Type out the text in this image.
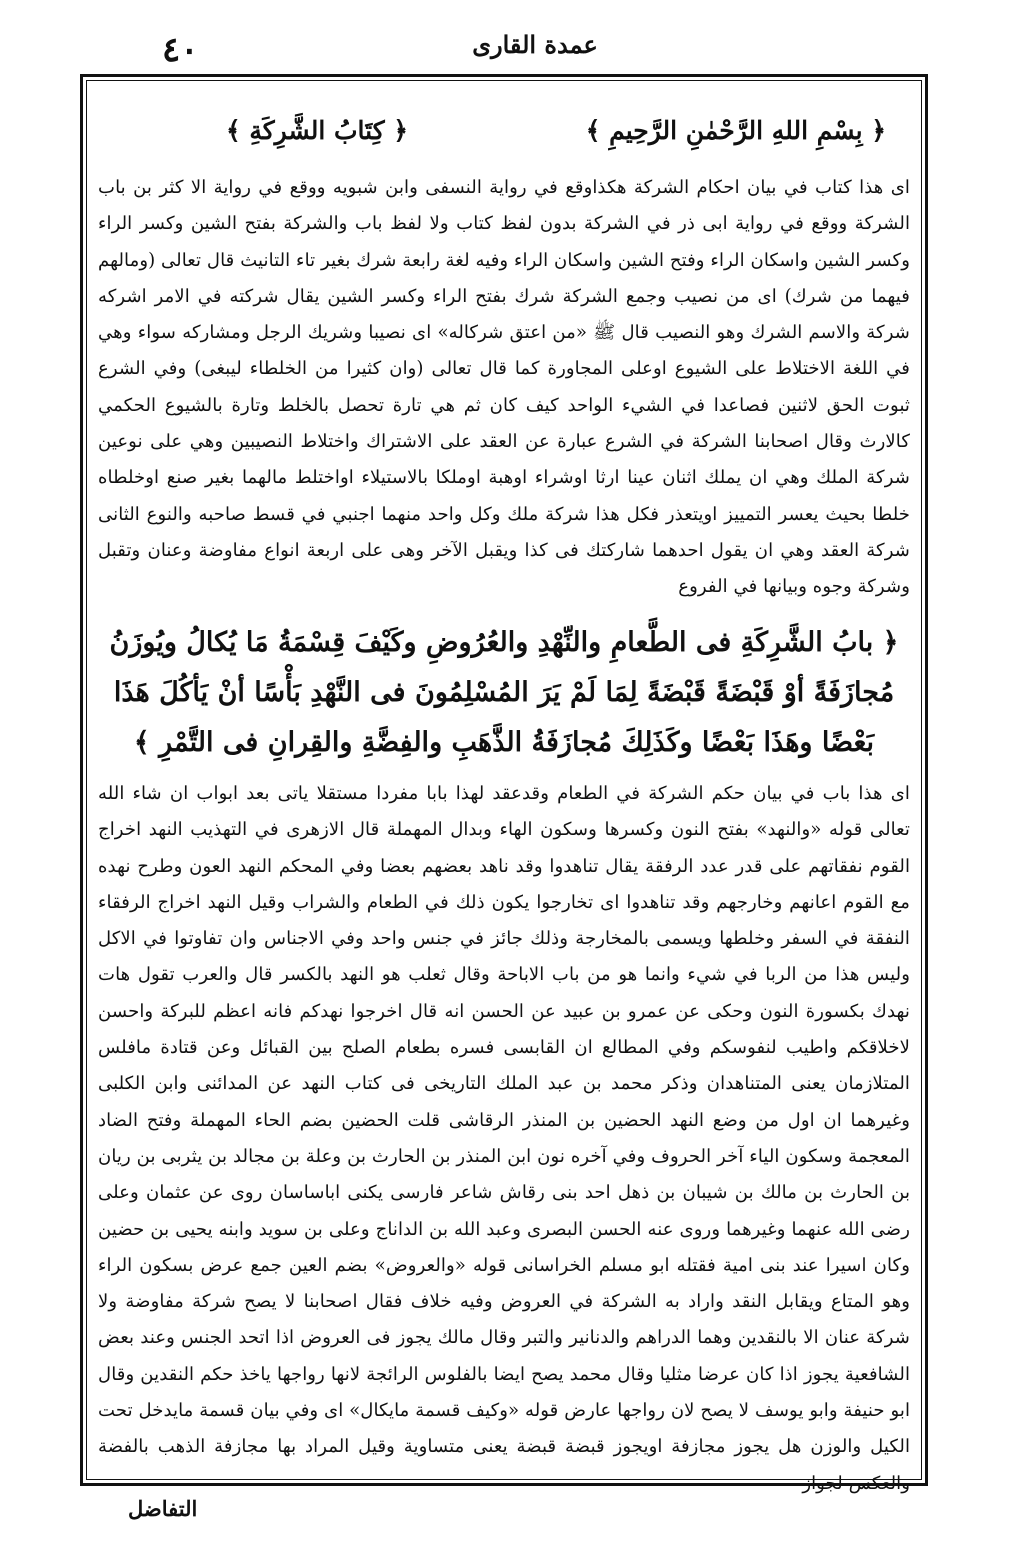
٤٠	عمدة القارى
﴿ بِسْمِ اللهِ الرَّحْمٰنِ الرَّحِيمِ ﴾
﴿ كِتَابُ الشَّرِكَةِ ﴾

اى هذا كتاب في بيان احكام الشركة هكذاوقع في رواية النسفى وابن شبويه ووقع في رواية الا كثر بن باب الشركة ووقع في رواية ابى ذر في الشركة بدون لفظ كتاب ولا لفظ باب والشركة بفتح الشين وكسر الراء وكسر الشين واسكان الراء وفتح الشين واسكان الراء وفيه لغة رابعة شرك بغير تاء التانيث قال تعالى (ومالهم فيهما من شرك) اى من نصيب وجمع الشركة شرك بفتح الراء وكسر الشين يقال شركته في الامر اشركه شركة والاسم الشرك وهو النصيب قال ﷺ «من اعتق شركاله» اى نصيبا وشريك الرجل ومشاركه سواء وهي في اللغة الاختلاط على الشيوع اوعلى المجاورة كما قال تعالى (وان كثيرا من الخلطاء ليبغى) وفي الشرع ثبوت الحق لاثنين فصاعدا في الشيء الواحد كيف كان ثم هي تارة تحصل بالخلط وتارة بالشيوع الحكمي كالارث وقال اصحابنا الشركة في الشرع عبارة عن العقد على الاشتراك واختلاط النصيبين وهي على نوعين شركة الملك وهي ان يملك اثنان عينا ارثا اوشراء اوهبة اوملكا بالاستيلاء اواختلط مالهما بغير صنع اوخلطاه خلطا بحيث يعسر التمييز اويتعذر فكل هذا شركة ملك وكل واحد منهما اجنبي في قسط صاحبه والنوع الثانى شركة العقد وهي ان يقول احدهما شاركتك فى كذا ويقبل الآخر وهى على اربعة انواع مفاوضة وعنان وتقبل وشركة وجوه وبيانها في الفروع

﴿ بابُ الشَّرِكَةِ فى الطَّعامِ والنِّهْدِ والعُرُوضِ وكَيْفَ قِسْمَةُ مَا يُكالُ ويُوزَنُ مُجازَفَةً أوْ قَبْضَةً قَبْضَةً لِمَا لَمْ يَرَ المُسْلِمُونَ فى النَّهْدِ بَأْسًا أنْ يَأكُلَ هَذَا بَعْضًا وهَذَا بَعْضًا وكَذَلِكَ مُجازَفَةُ الذَّهَبِ والفِضَّةِ والقِرانِ فى التَّمْرِ ﴾

اى هذا باب في بيان حكم الشركة في الطعام وقدعقد لهذا بابا مفردا مستقلا ياتى بعد ابواب ان شاء الله تعالى قوله «والنهد» بفتح النون وكسرها وسكون الهاء وبدال المهملة قال الازهرى في التهذيب النهد اخراج القوم نفقاتهم على قدر عدد الرفقة يقال تناهدوا وقد ناهد بعضهم بعضا وفي المحكم النهد العون وطرح نهده مع القوم اعانهم وخارجهم وقد تناهدوا اى تخارجوا يكون ذلك في الطعام والشراب وقيل النهد اخراج الرفقاء النفقة في السفر وخلطها ويسمى بالمخارجة وذلك جائز في جنس واحد وفي الاجناس وان تفاوتوا في الاكل وليس هذا من الربا في شيء وانما هو من باب الاباحة وقال ثعلب هو النهد بالكسر قال والعرب تقول هات نهدك بكسورة النون وحكى عن عمرو بن عبيد عن الحسن انه قال اخرجوا نهدكم فانه اعظم للبركة واحسن لاخلاقكم واطيب لنفوسكم وفي المطالع ان القابسى فسره بطعام الصلح بين القبائل وعن قتادة مافلس المتلازمان يعنى المتناهدان وذكر محمد بن عبد الملك التاريخى فى كتاب النهد عن المدائنى وابن الكلبى وغيرهما ان اول من وضع النهد الحضين بن المنذر الرقاشى قلت الحضين بضم الحاء المهملة وفتح الضاد المعجمة وسكون الياء آخر الحروف وفي آخره نون ابن المنذر بن الحارث بن وعلة بن مجالد بن يثربى بن ريان بن الحارث بن مالك بن شيبان بن ذهل احد بنى رقاش شاعر فارسى يكنى اباساسان روى عن عثمان وعلى رضى الله عنهما وغيرهما وروى عنه الحسن البصرى وعبد الله بن الداناج وعلى بن سويد وابنه يحيى بن حضين وكان اسيرا عند بنى امية فقتله ابو مسلم الخراسانى قوله «والعروض» بضم العين جمع عرض بسكون الراء وهو المتاع ويقابل النقد واراد به الشركة في العروض وفيه خلاف فقال اصحابنا لا يصح شركة مفاوضة ولا شركة عنان الا بالنقدين وهما الدراهم والدنانير والتبر وقال مالك يجوز فى العروض اذا اتحد الجنس وعند بعض الشافعية يجوز اذا كان عرضا مثليا وقال محمد يصح ايضا بالفلوس الرائجة لانها رواجها ياخذ حكم النقدين وقال ابو حنيفة وابو يوسف لا يصح لان رواجها عارض قوله «وكيف قسمة مايكال» اى وفي بيان قسمة مايدخل تحت الكيل والوزن هل يجوز مجازفة اويجوز قبضة قبضة يعنى متساوية وقيل المراد بها مجازفة الذهب بالفضة والعكس لجواز

التفاضل
